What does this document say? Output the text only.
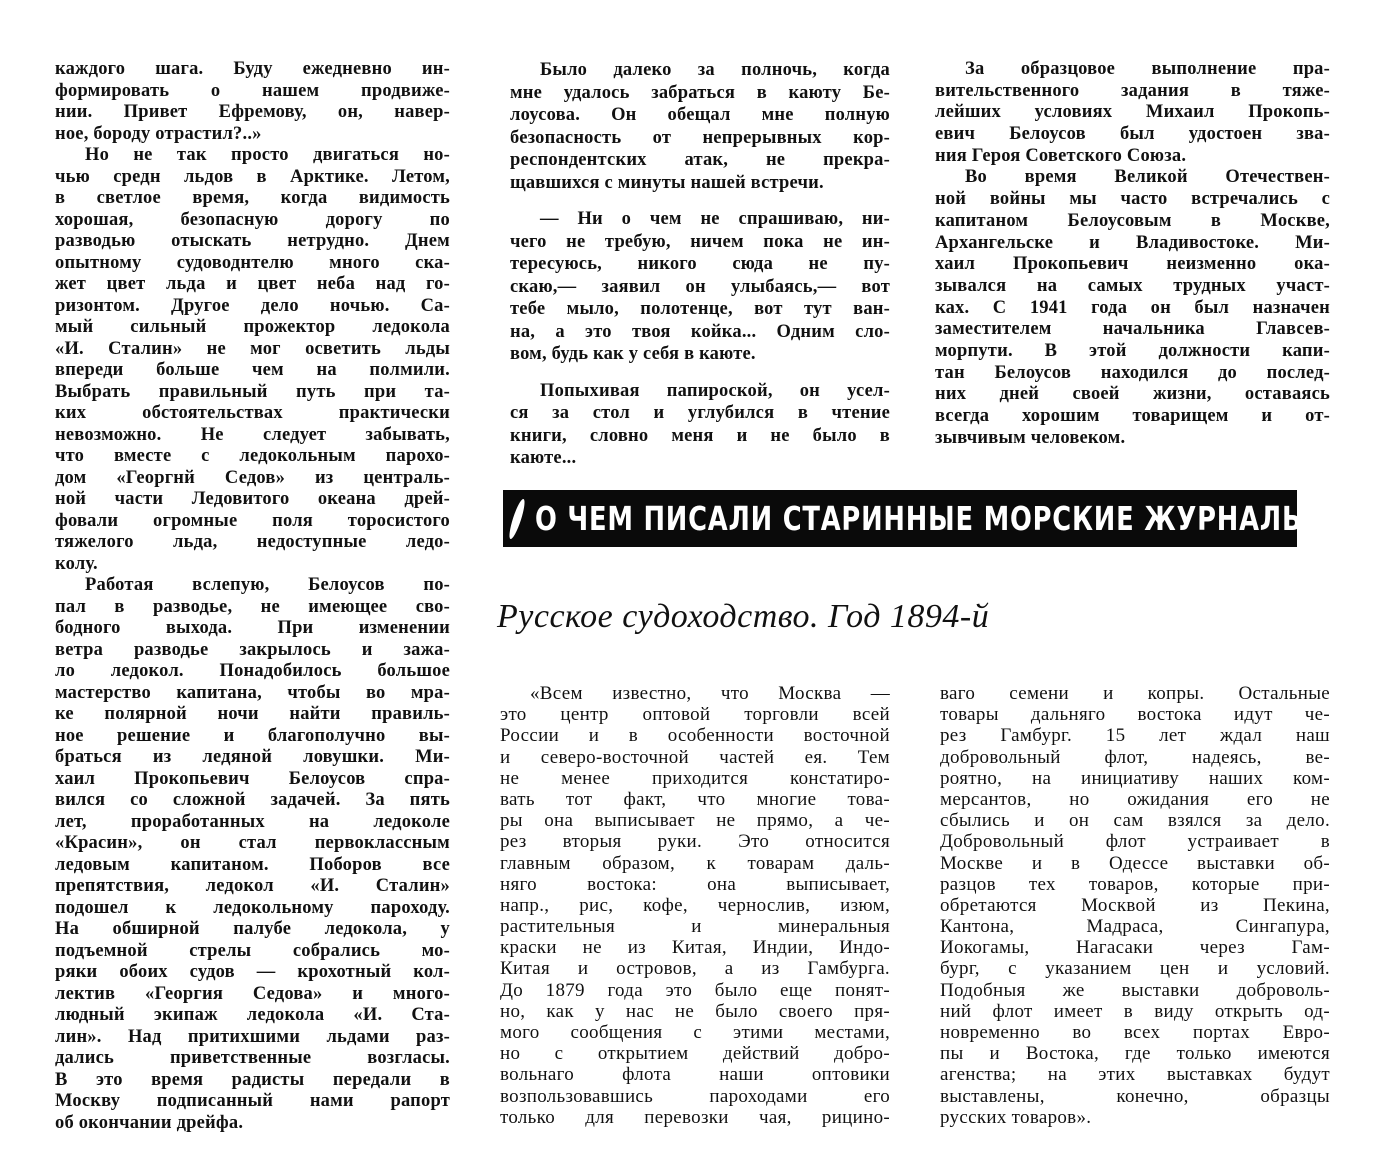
каждого шага. Буду ежедневно ин-
формировать о нашем продвиже-
нии. Привет Ефремову, он, навер-
ное, бороду отрастил?..»
Но не так просто двигаться но-
чью средн льдов в Арктике. Летом,
в светлое время, когда видимость
хорошая, безопасную дорогу по
разводью отыскать нетрудно. Днем
опытному судоводнтелю много ска-
жет цвет льда и цвет неба над го-
ризонтом. Другое дело ночью. Са-
мый сильный прожектор ледокола
«И. Сталин» не мог осветить льды
впереди больше чем на полмили.
Выбрать правильный путь при та-
ких обстоятельствах практически
невозможно. Не следует забывать,
что вместе с ледокольным парохо-
дом «Георгнй Седов» из централь-
ной части Ледовитого океана дрей-
фовали огромные поля торосистого
тяжелого льда, недоступные ледо-
колу.
Работая вслепую, Белоусов по-
пал в разводье, не имеющее сво-
бодного выхода. При изменении
ветра разводье закрылось и зажа-
ло ледокол. Понадобилось большое
мастерство капитана, чтобы во мра-
ке полярной ночи найти правиль-
ное решение и благополучно вы-
браться из ледяной ловушки. Ми-
хаил Прокопьевич Белоусов спра-
вился со сложной задачей. За пять
лет, проработанных на ледоколе
«Красин», он стал первоклассным
ледовым капитаном. Поборов все
препятствия, ледокол «И. Сталин»
подошел к ледокольному пароходу.
На обширной палубе ледокола, у
подъемной стрелы собрались мо-
ряки обоих судов — крохотный кол-
лектив «Георгия Седова» и много-
людный экипаж ледокола «И. Ста-
лин». Над притихшими льдами раз-
дались приветственные возгласы.
В это время радисты передали в
Москву подписанный нами рапорт
об окончании дрейфа.
Было далеко за полночь, когда
мне удалось забраться в каюту Бе-
лоусова. Он обещал мне полную
безопасность от непрерывных кор-
респондентских атак, не прекра-
щавшихся с минуты нашей встречи.
— Ни о чем не спрашиваю, ни-
чего не требую, ничем пока не ин-
тересуюсь, никого сюда не пу-
скаю,— заявил он улыбаясь,— вот
тебе мыло, полотенце, вот тут ван-
на, а это твоя койка... Одним сло-
вом, будь как у себя в каюте.
Попыхивая папироской, он усел-
ся за стол и углубился в чтение
книги, словно меня и не было в
каюте...
За образцовое выполнение пра-
вительственного задания в тяже-
лейших условиях Михаил Прокопь-
евич Белоусов был удостоен зва-
ния Героя Советского Союза.
Во время Великой Отечествен-
ной войны мы часто встречались с
капитаном Белоусовым в Москве,
Архангельске и Владивостоке. Ми-
хаил Прокопьевич неизменно ока-
зывался на самых трудных участ-
ках. С 1941 года он был назначен
заместителем начальника Главсев-
морпути. В этой должности капи-
тан Белоусов находился до послед-
них дней своей жизни, оставаясь
всегда хорошим товарищем и от-
зывчивым человеком.
О ЧЕМ ПИСАЛИ СТАРИННЫЕ МОРСКИЕ ЖУРНАЛЫ
Русское судоходство. Год 1894-й
«Всем известно, что Москва —
это центр оптовой торговли всей
России и в особенности восточной
и северо-восточной частей ея. Тем
не менее приходится констатиро-
вать тот факт, что многие това-
ры она выписывает не прямо, а че-
рез вторыя руки. Это относится
главным образом, к товарам даль-
няго востока: она выписывает,
напр., рис, кофе, чернослив, изюм,
растительныя и минеральныя
краски не из Китая, Индии, Индо-
Китая и островов, а из Гамбурга.
До 1879 года это было еще понят-
но, как у нас не было своего пря-
мого сообщения с этими местами,
но с открытием действий добро-
вольнаго флота наши оптовики
возпользовавшись пароходами его
только для перевозки чая, рицино-
ваго семени и копры. Остальные
товары дальняго востока идут че-
рез Гамбург. 15 лет ждал наш
добровольный флот, надеясь, ве-
роятно, на инициативу наших ком-
мерсантов, но ожидания его не
сбылись и он сам взялся за дело.
Добровольный флот устраивает в
Москве и в Одессе выставки об-
разцов тех товаров, которые при-
обретаются Москвой из Пекина,
Кантона, Мадраса, Сингапура,
Иокогамы, Нагасаки через Гам-
бург, с указанием цен и условий.
Подобныя же выставки доброволь-
ний флот имеет в виду открыть од-
новременно во всех портах Евро-
пы и Востока, где только имеются
агенства; на этих выставках будут
выставлены, конечно, образцы
русских товаров».
